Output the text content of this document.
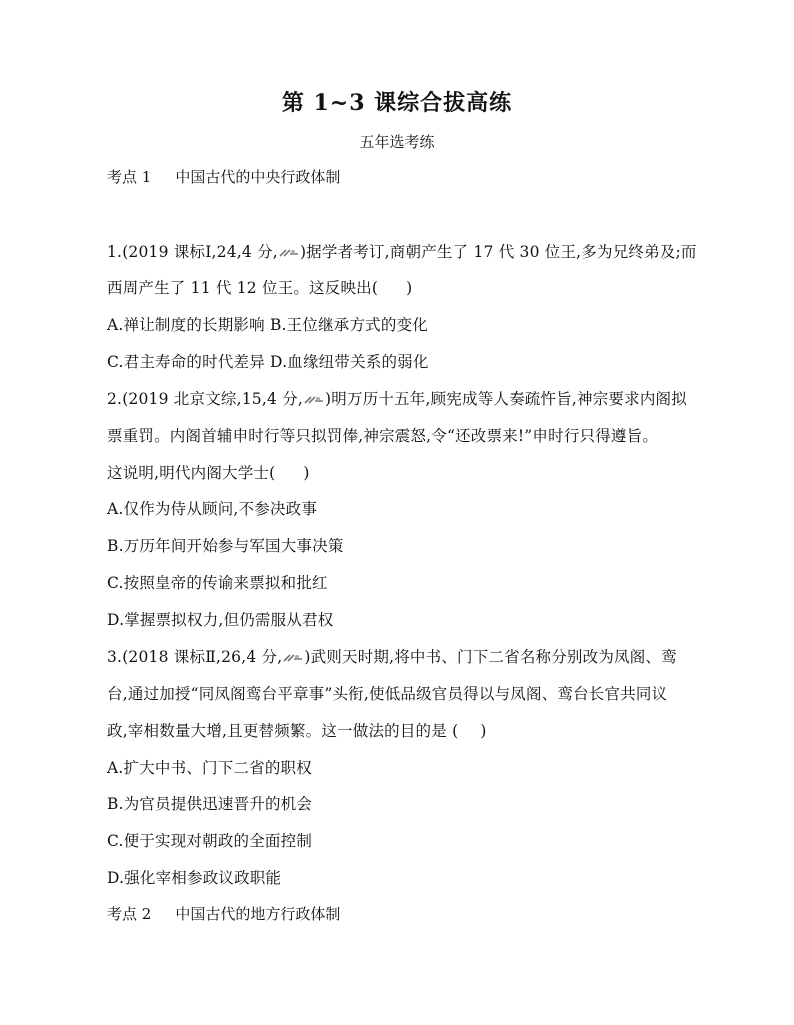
第 1~3 课综合拔高练
五年选考练
考点 1 中国古代的中央行政体制
1.(2019 课标Ⅰ,24,4 分, )据学者考订,商朝产生了 17 代 30 位王,多为兄终弟及;而
西周产生了 11 代 12 位王。这反映出( )
A.禅让制度的长期影响 B.王位继承方式的变化
C.君主寿命的时代差异 D.血缘纽带关系的弱化
2.(2019 北京文综,15,4 分, )明万历十五年,顾宪成等人奏疏忤旨,神宗要求内阁拟
票重罚。内阁首辅申时行等只拟罚俸,神宗震怒,令“还改票来!”申时行只得遵旨。
这说明,明代内阁大学士( )
A.仅作为侍从顾问,不参决政事
B.万历年间开始参与军国大事决策
C.按照皇帝的传谕来票拟和批红
D.掌握票拟权力,但仍需服从君权
3.(2018 课标Ⅱ,26,4 分, )武则天时期,将中书、门下二省名称分别改为凤阁、鸾
台,通过加授“同凤阁鸾台平章事”头衔,使低品级官员得以与凤阁、鸾台长官共同议
政,宰相数量大增,且更替频繁。这一做法的目的是 ( )
A.扩大中书、门下二省的职权
B.为官员提供迅速晋升的机会
C.便于实现对朝政的全面控制
D.强化宰相参政议政职能
考点 2 中国古代的地方行政体制
